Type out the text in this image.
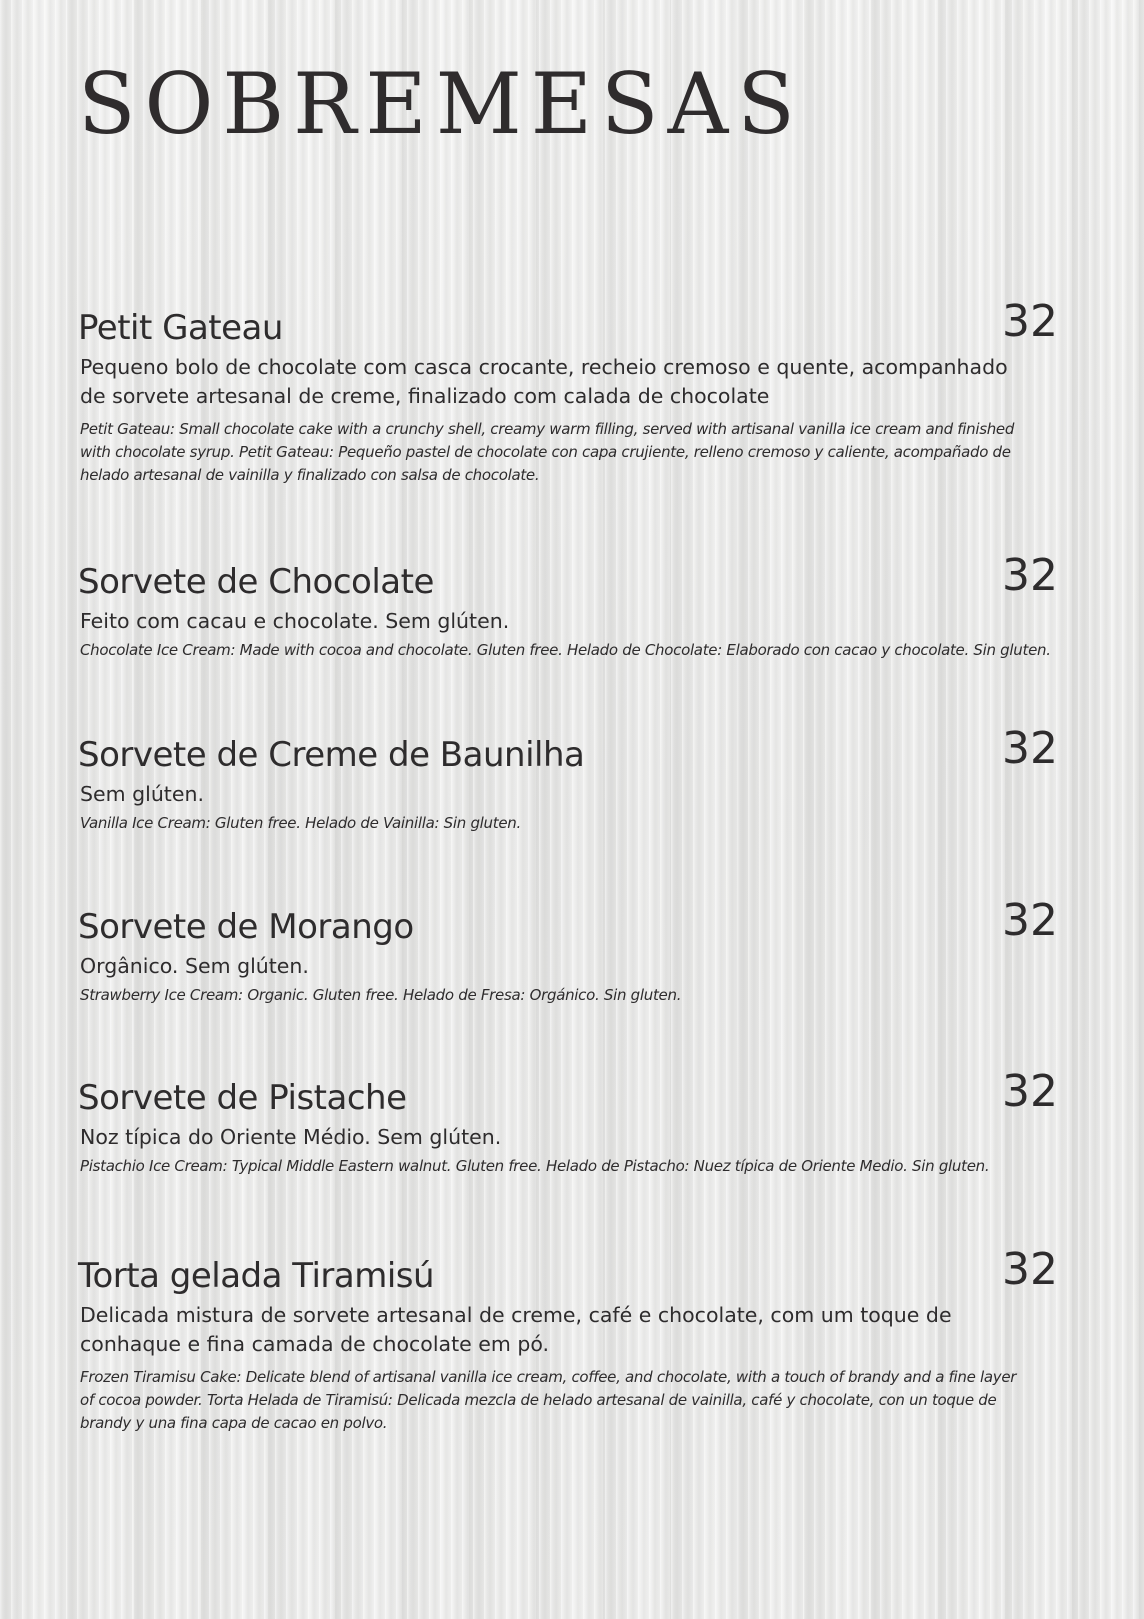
SOBREMESAS
Petit Gateau	32

Pequeno bolo de chocolate com casca crocante, recheio cremoso e quente, acompanhado de sorvete artesanal de creme, finalizado com calada de chocolate

Petit Gateau: Small chocolate cake with a crunchy shell, creamy warm filling, served with artisanal vanilla ice cream and finished with chocolate syrup. Petit Gateau: Pequeño pastel de chocolate con capa crujiente, relleno cremoso y caliente, acompañado de helado artesanal de vainilla y finalizado con salsa de chocolate.

Sorvete de Chocolate	32

Feito com cacau e chocolate. Sem glúten.

Chocolate Ice Cream: Made with cocoa and chocolate. Gluten free. Helado de Chocolate: Elaborado con cacao y chocolate. Sin gluten.

Sorvete de Creme de Baunilha	32

Sem glúten.

Vanilla Ice Cream: Gluten free. Helado de Vainilla: Sin gluten.

Sorvete de Morango	32

Orgânico. Sem glúten.

Strawberry Ice Cream: Organic. Gluten free. Helado de Fresa: Orgánico. Sin gluten.

Sorvete de Pistache	32

Noz típica do Oriente Médio. Sem glúten.

Pistachio Ice Cream: Typical Middle Eastern walnut. Gluten free. Helado de Pistacho: Nuez típica de Oriente Medio. Sin gluten.

Torta gelada Tiramisú	32

Delicada mistura de sorvete artesanal de creme, café e chocolate, com um toque de conhaque e fina camada de chocolate em pó.

Frozen Tiramisu Cake: Delicate blend of artisanal vanilla ice cream, coffee, and chocolate, with a touch of brandy and a fine layer of cocoa powder. Torta Helada de Tiramisú: Delicada mezcla de helado artesanal de vainilla, café y chocolate, con un toque de brandy y una fina capa de cacao en polvo.
